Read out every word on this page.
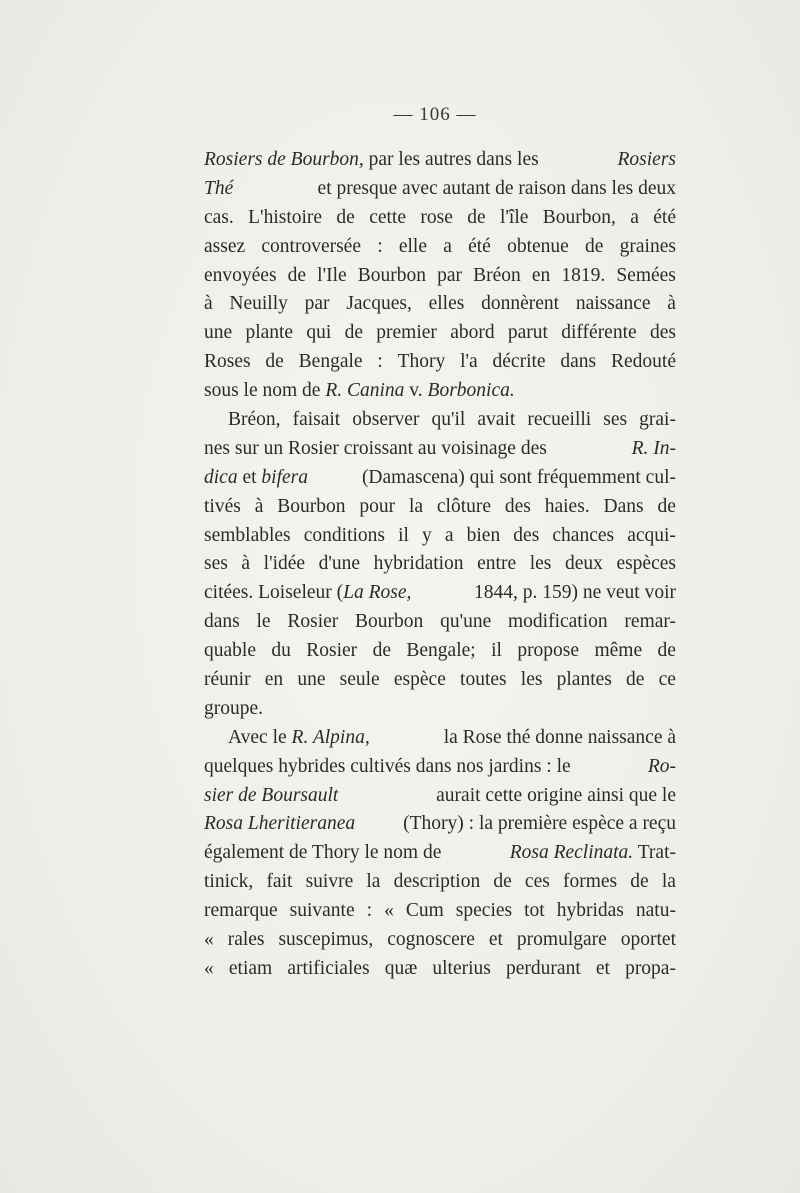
— 106 —
Rosiers de Bourbon, par les autres dans les	Rosiers
Thé	et presque avec autant de raison dans les deux
cas. L'histoire de cette rose de l'île Bourbon, a été
assez controversée : elle a été obtenue de graines
envoyées de l'Ile Bourbon par Bréon en 1819. Semées
à Neuilly par Jacques, elles donnèrent naissance à
une plante qui de premier abord parut différente des
Roses de Bengale : Thory l'a décrite dans Redouté
sous le nom de
R. Canina
v.
Borbonica.
Bréon, faisait observer qu'il avait recueilli ses grai-
nes sur un Rosier croissant au voisinage des	R. In-
dica et bifera	(Damascena) qui sont fréquemment cul-
tivés à Bourbon pour la clôture des haies. Dans de
semblables conditions il y a bien des chances acqui-
ses à l'idée d'une hybridation entre les deux espèces
citées. Loiseleur (La Rose,	1844, p. 159) ne veut voir
dans le Rosier Bourbon qu'une modification remar-
quable du Rosier de Bengale; il propose même de
réunir en une seule espèce toutes les plantes de ce
groupe.
Avec le R. Alpina,	la Rose thé donne naissance à
quelques hybrides cultivés dans nos jardins : le	Ro-
sier de Boursault	aurait cette origine ainsi que le
Rosa Lheritieranea (Thory) : la première espèce a reçu
également de Thory le nom de	Rosa Reclinata. Trat-
tinick, fait suivre la description de ces formes de la
remarque suivante : « Cum species tot hybridas natu-
« rales suscepimus, cognoscere et promulgare oportet
« etiam artificiales quæ ulterius perdurant et propa-
